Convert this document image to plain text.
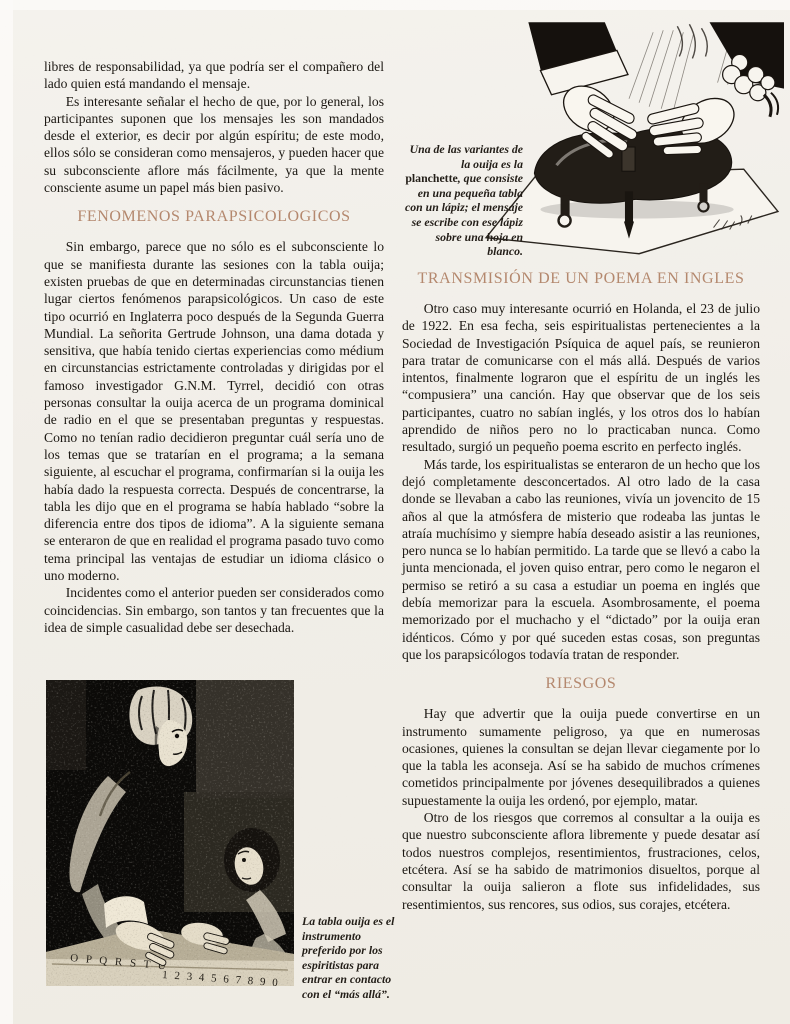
libres de responsabilidad, ya que podría ser el compañero del lado quien está mandando el mensaje.

Es interesante señalar el hecho de que, por lo general, los participantes suponen que los mensajes les son mandados desde el exterior, es decir por algún espíritu; de este modo, ellos sólo se consideran como mensajeros, y pueden hacer que su subconsciente aflore más fácilmente, ya que la mente consciente asume un papel más bien pasivo.

FENOMENOS PARAPSICOLOGICOS

Sin embargo, parece que no sólo es el subconsciente lo que se manifiesta durante las sesiones con la tabla ouija; existen pruebas de que en determinadas circunstancias tienen lugar ciertos fenómenos parapsicológicos. Un caso de este tipo ocurrió en Inglaterra poco después de la Segunda Guerra Mundial. La señorita Gertrude Johnson, una dama dotada y sensitiva, que había tenido ciertas experiencias como médium en circunstancias estrictamente controladas y dirigidas por el famoso investigador G.N.M. Tyrrel, decidió con otras personas consultar la ouija acerca de un programa dominical de radio en el que se presentaban preguntas y respuestas. Como no tenían radio decidieron preguntar cuál sería uno de los temas que se tratarían en el programa; a la semana siguiente, al escuchar el programa, confirmarían si la ouija les había dado la respuesta correcta. Después de concentrarse, la tabla les dijo que en el programa se había hablado “sobre la diferencia entre dos tipos de idioma”. A la siguiente semana se enteraron de que en realidad el programa pasado tuvo como tema principal las ventajas de estudiar un idioma clásico o uno moderno.

Incidentes como el anterior pueden ser considerados como coincidencias. Sin embargo, son tantos y tan frecuentes que la idea de simple casualidad debe ser desechada.

Una de las variantes de la ouija es la planchette, que consiste en una pequeña tabla con un lápiz; el mensaje se escribe con ese lápiz sobre una hoja en blanco.
TRANSMISIÓN DE UN POEMA EN INGLES

Otro caso muy interesante ocurrió en Holanda, el 23 de julio de 1922. En esa fecha, seis espiritualistas pertenecientes a la Sociedad de Investigación Psíquica de aquel país, se reunieron para tratar de comunicarse con el más allá. Después de varios intentos, finalmente lograron que el espíritu de un inglés les “compusiera” una canción. Hay que observar que de los seis participantes, cuatro no sabían inglés, y los otros dos lo habían aprendido de niños pero no lo practicaban nunca. Como resultado, surgió un pequeño poema escrito en perfecto inglés.

Más tarde, los espiritualistas se enteraron de un hecho que los dejó completamente desconcertados. Al otro lado de la casa donde se llevaban a cabo las reuniones, vivía un jovencito de 15 años al que la atmósfera de misterio que rodeaba las juntas le atraía muchísimo y siempre había deseado asistir a las reuniones, pero nunca se lo habían permitido. La tarde que se llevó a cabo la junta mencionada, el joven quiso entrar, pero como le negaron el permiso se retiró a su casa a estudiar un poema en inglés que debía memorizar para la escuela. Asombrosamente, el poema memorizado por el muchacho y el “dictado” por la ouija eran idénticos. Cómo y por qué suceden estas cosas, son preguntas que los parapsicólogos todavía tratan de responder.

RIESGOS

Hay que advertir que la ouija puede convertirse en un instrumento sumamente peligroso, ya que en numerosas ocasiones, quienes la consultan se dejan llevar ciegamente por lo que la tabla les aconseja. Así se ha sabido de muchos crímenes cometidos principalmente por jóvenes desequilibrados a quienes supuestamente la ouija les ordenó, por ejemplo, matar.

Otro de los riesgos que corremos al consultar a la ouija es que nuestro subconsciente aflora libremente y puede desatar así todos nuestros complejos, resentimientos, frustraciones, celos, etcétera. Así se ha sabido de matrimonios disueltos, porque al consultar la ouija salieron a flote sus infidelidades, sus resentimientos, sus rencores, sus odios, sus corajes, etcétera.

La tabla ouija es el instrumento preferido por los espiritistas para entrar en contacto con el “más allá”.
